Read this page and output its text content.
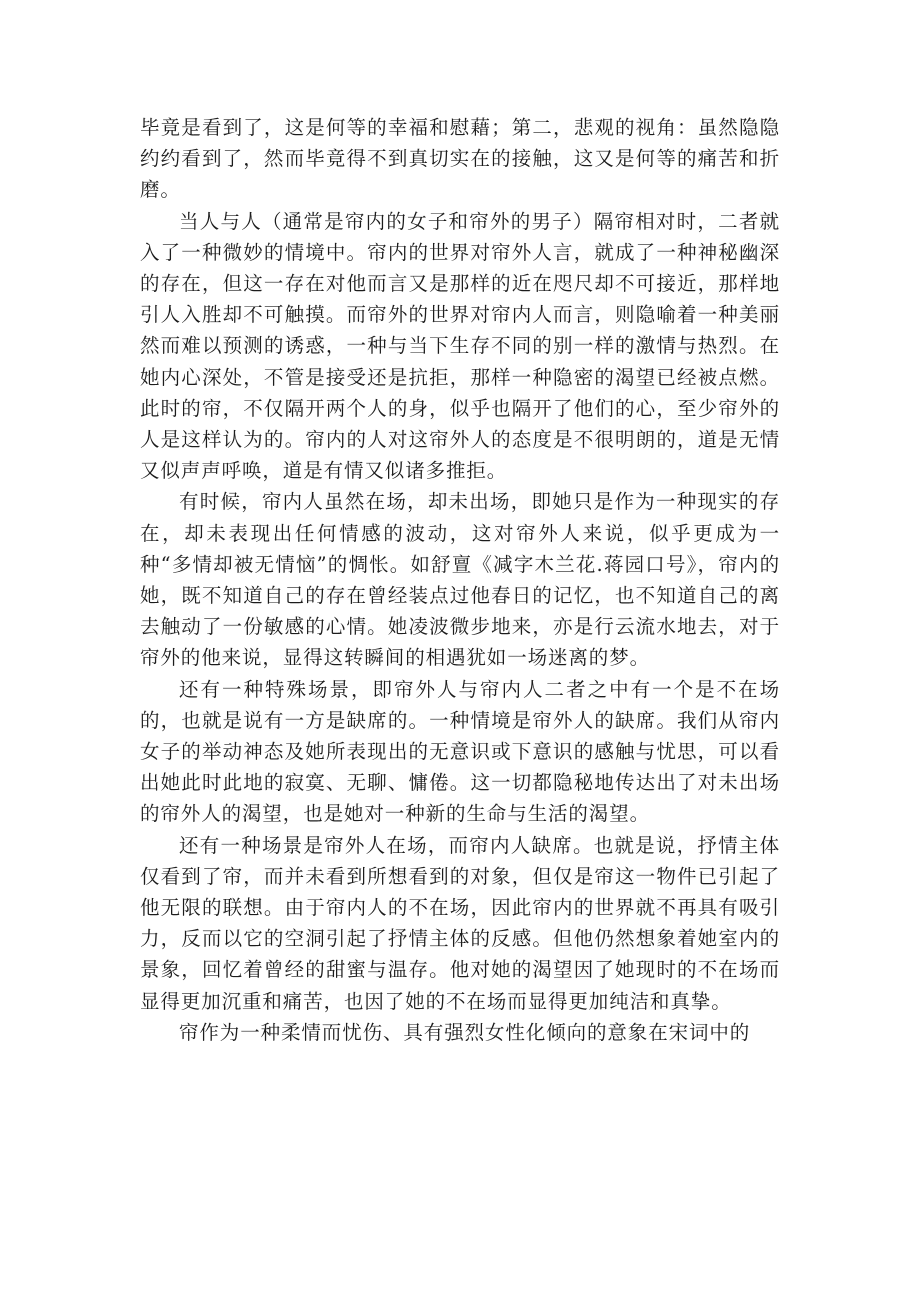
毕竟是看到了，这是何等的幸福和慰藉；第二，悲观的视角：虽然隐隐约约看到了，然而毕竟得不到真切实在的接触，这又是何等的痛苦和折磨。

当人与人（通常是帘内的女子和帘外的男子）隔帘相对时，二者就入了一种微妙的情境中。帘内的世界对帘外人言，就成了一种神秘幽深的存在，但这一存在对他而言又是那样的近在咫尺却不可接近，那样地引人入胜却不可触摸。而帘外的世界对帘内人而言，则隐喻着一种美丽然而难以预测的诱惑，一种与当下生存不同的别一样的激情与热烈。在她内心深处，不管是接受还是抗拒，那样一种隐密的渴望已经被点燃。此时的帘，不仅隔开两个人的身，似乎也隔开了他们的心，至少帘外的人是这样认为的。帘内的人对这帘外人的态度是不很明朗的，道是无情又似声声呼唤，道是有情又似诸多推拒。

有时候，帘内人虽然在场，却未出场，即她只是作为一种现实的存在，却未表现出任何情感的波动，这对帘外人来说，似乎更成为一种“多情却被无情恼”的惆怅。如舒亶《减字木兰花.蒋园口号》，帘内的她，既不知道自己的存在曾经装点过他春日的记忆，也不知道自己的离去触动了一份敏感的心情。她凌波微步地来，亦是行云流水地去，对于帘外的他来说，显得这转瞬间的相遇犹如一场迷离的梦。

还有一种特殊场景，即帘外人与帘内人二者之中有一个是不在场的，也就是说有一方是缺席的。一种情境是帘外人的缺席。我们从帘内女子的举动神态及她所表现出的无意识或下意识的感触与忧思，可以看出她此时此地的寂寞、无聊、慵倦。这一切都隐秘地传达出了对未出场的帘外人的渴望，也是她对一种新的生命与生活的渴望。

还有一种场景是帘外人在场，而帘内人缺席。也就是说，抒情主体仅看到了帘，而并未看到所想看到的对象，但仅是帘这一物件已引起了他无限的联想。由于帘内人的不在场，因此帘内的世界就不再具有吸引力，反而以它的空洞引起了抒情主体的反感。但他仍然想象着她室内的景象，回忆着曾经的甜蜜与温存。他对她的渴望因了她现时的不在场而显得更加沉重和痛苦，也因了她的不在场而显得更加纯洁和真挚。

帘作为一种柔情而忧伤、具有强烈女性化倾向的意象在宋词中的
